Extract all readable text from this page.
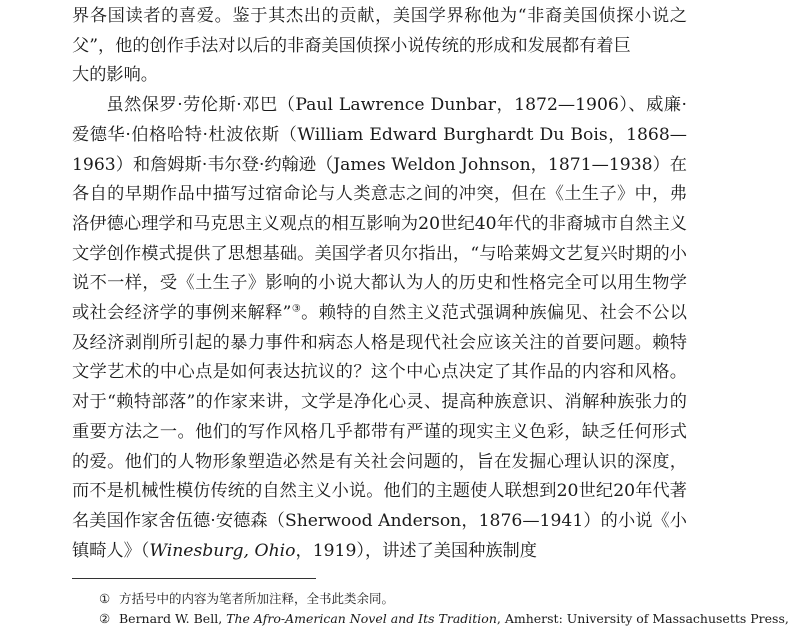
界各国读者的喜爱。鉴于其杰出的贡献，美国学界称他为“非裔美国侦探小说之父”，他的创作手法对以后的非裔美国侦探小说传统的形成和发展都有着巨
大的影响。

虽然保罗·劳伦斯·邓巴（Paul Lawrence Dunbar，1872—1906）、威廉·爱德华·伯格哈特·杜波依斯（William Edward Burghardt Du Bois，1868—1963）和詹姆斯·韦尔登·约翰逊（James Weldon Johnson，1871—1938）在各自的早期作品中描写过宿命论与人类意志之间的冲突，但在《土生子》中，弗洛伊德心理学和马克思主义观点的相互影响为20世纪40年代的非裔城市自然主义文学创作模式提供了思想基础。美国学者贝尔指出，“与哈莱姆文艺复兴时期的小说不一样，受《土生子》影响的小说大都认为人的历史和性格完全可以用生物学或社会经济学的事例来解释”③。赖特的自然主义范式强调种族偏见、社会不公以及经济剥削所引起的暴力事件和病态人格是现代社会应该关注的首要问题。赖特文学艺术的中心点是如何表达抗议的？这个中心点决定了其作品的内容和风格。对于“赖特部落”的作家来讲，文学是净化心灵、提高种族意识、消解种族张力的重要方法之一。他们的写作风格几乎都带有严谨的现实主义色彩，缺乏任何形式的爱。他们的人物形象塑造必然是有关社会问题的，旨在发掘心理认识的深度，而不是机械性模仿传统的自然主义小说。他们的主题使人联想到20世纪20年代著名美国作家舍伍德·安德森（Sherwood Anderson，1876—1941）的小说《小镇畸人》（Winesburg, Ohio，1919），讲述了美国种族制度

① 方括号中的内容为笔者所加注释，全书此类余同。
② Bernard W. Bell, The Afro-American Novel and Its Tradition, Amherst: University of Massachusetts Press,
